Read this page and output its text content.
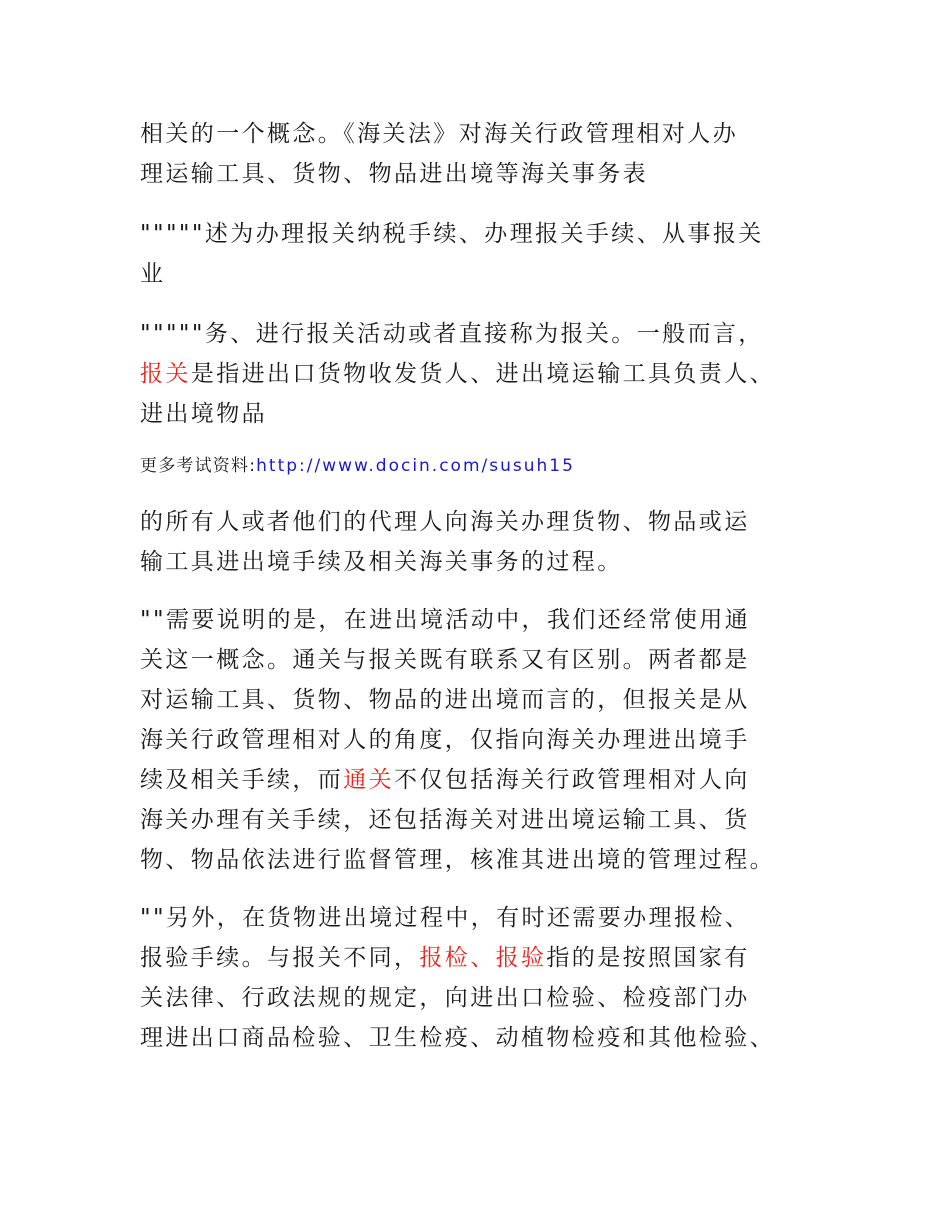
相关的一个概念。《海关法》对海关行政管理相对人办
理运输工具、货物、物品进出境等海关事务表
"""""述为办理报关纳税手续、办理报关手续、从事报关
业
"""""务、进行报关活动或者直接称为报关。一般而言，
报关是指进出口货物收发货人、进出境运输工具负责人、
进出境物品
更多考试资料:http://www.docin.com/susuh15
的所有人或者他们的代理人向海关办理货物、物品或运
输工具进出境手续及相关海关事务的过程。
""需要说明的是，在进出境活动中，我们还经常使用通
关这一概念。通关与报关既有联系又有区别。两者都是
对运输工具、货物、物品的进出境而言的，但报关是从
海关行政管理相对人的角度，仅指向海关办理进出境手
续及相关手续，而通关不仅包括海关行政管理相对人向
海关办理有关手续，还包括海关对进出境运输工具、货
物、物品依法进行监督管理，核准其进出境的管理过程。
""另外，在货物进出境过程中，有时还需要办理报检、
报验手续。与报关不同，报检、报验指的是按照国家有
关法律、行政法规的规定，向进出口检验、检疫部门办
理进出口商品检验、卫生检疫、动植物检疫和其他检验、
